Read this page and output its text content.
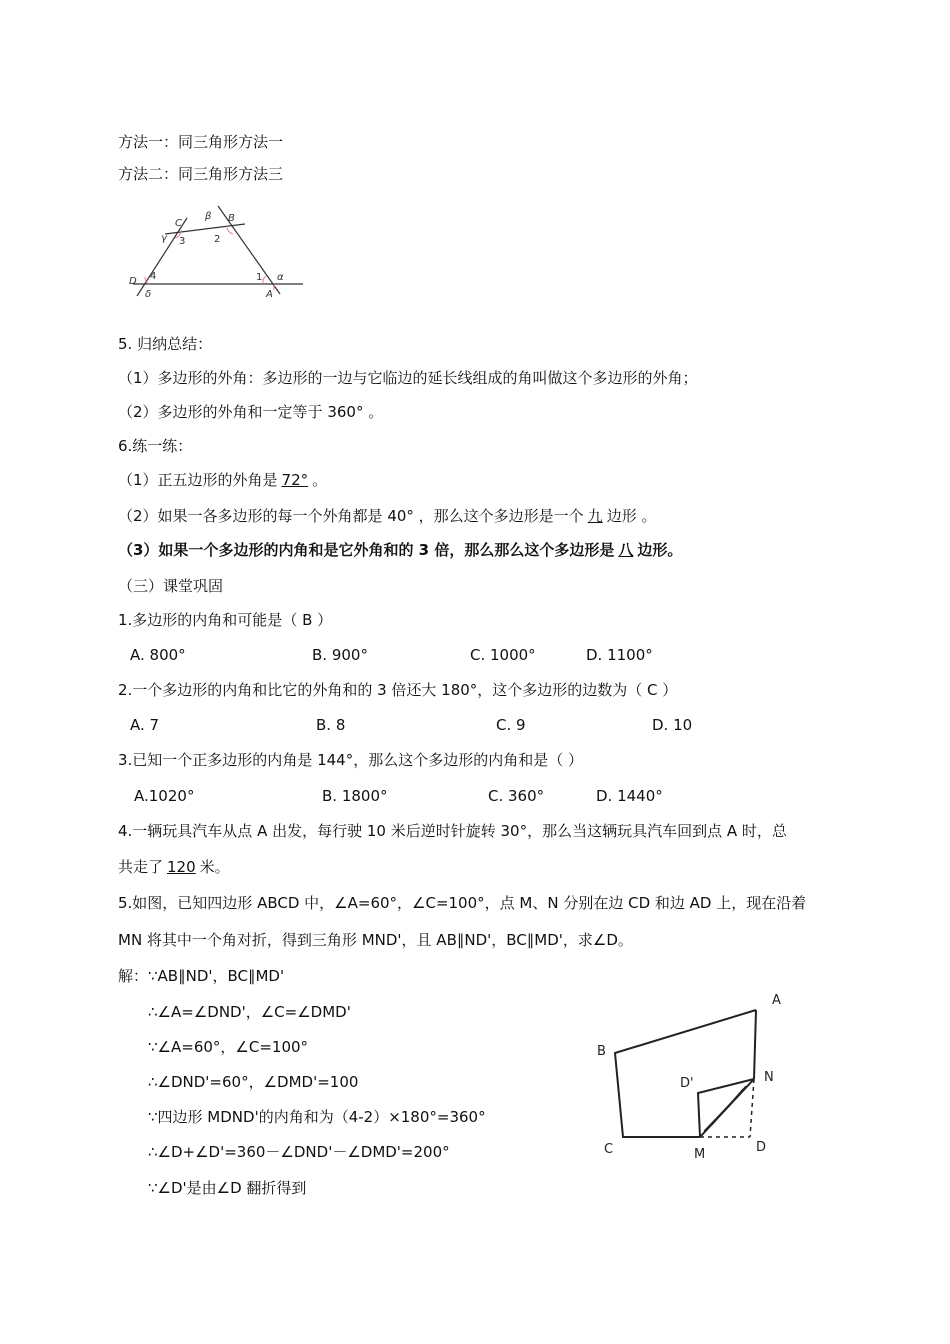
方法一：同三角形方法一
方法二：同三角形方法三
C	B
D
A
β
γ
α
δ
3	2
4	1
5. 归纳总结：
（1）多边形的外角：多边形的一边与它临边的延长线组成的角叫做这个多边形的外角；
（2）多边形的外角和一定等于 360° 。
6.练一练：
（1）正五边形的外角是 72° 。
（2）如果一各多边形的每一个外角都是 40° ，那么这个多边形是一个 九 边形 。
（3）如果一个多边形的内角和是它外角和的 3 倍，那么那么这个多边形是 八 边形。
（三）课堂巩固
1.多边形的内角和可能是（ B ）
A. 800°	B. 900°	C. 1000°	D. 1100°
2.一个多边形的内角和比它的外角和的 3 倍还大 180°，这个多边形的边数为（ C ）
A. 7	B. 8	C. 9	D. 10
3.已知一个正多边形的内角是 144°，那么这个多边形的内角和是（ ）
A.1020°	B. 1800°	C. 360°	D. 1440°
4.一辆玩具汽车从点 A 出发，每行驶 10 米后逆时针旋转 30°，那么当这辆玩具汽车回到点 A 时，总
共走了 120 米。
5.如图，已知四边形 ABCD 中，∠A=60°，∠C=100°，点 M、N 分别在边 CD 和边 AD 上，现在沿着
MN 将其中一个角对折，得到三角形 MND'，且 AB∥ND'，BC∥MD'，求∠D。
解：∵AB∥ND'，BC∥MD'
∴∠A=∠DND'，∠C=∠DMD'
∵∠A=60°，∠C=100°
∴∠DND'=60°，∠DMD'=100
∵四边形 MDND'的内角和为（4-2）×180°=360°
∴∠D+∠D'=360－∠DND'－∠DMD'=200°
∵∠D'是由∠D 翻折得到
A
B
C	D
M
N
D'
